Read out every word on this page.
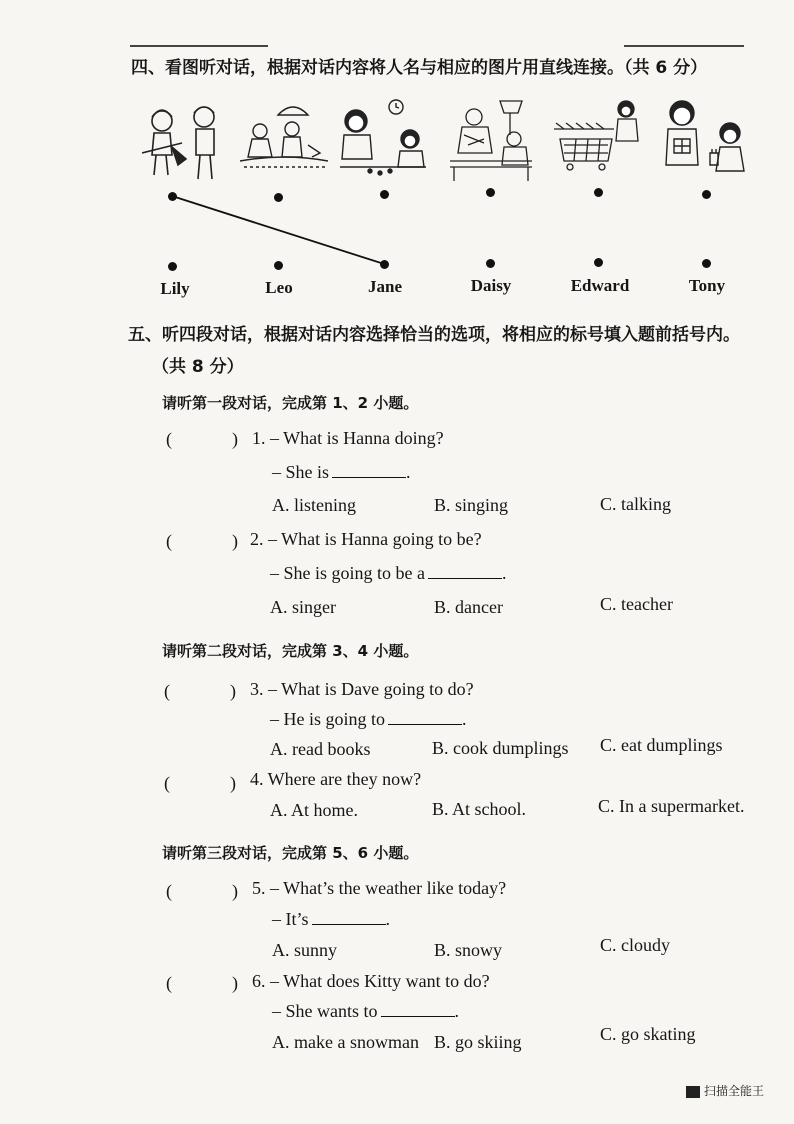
四、看图听对话，根据对话内容将人名与相应的图片用直线连接。（共 6 分）
Lily	Leo	Jane	Daisy	Edward	Tony
五、听四段对话，根据对话内容选择恰当的选项，将相应的标号填入题前括号内。
（共 8 分）
请听第一段对话，完成第 1、2 小题。
(	) 1. – What is Hanna doing?
– She is	.
A. listening	B. singing	C. talking
(	) 2. – What is Hanna going to be?
– She is going to be a	.
A. singer	B. dancer	C. teacher
请听第二段对话，完成第 3、4 小题。
(	) 3. – What is Dave going to do?
– He is going to	.
A. read books	B. cook dumplings C. eat dumplings
(	) 4. Where are they now?
A. At home.	B. At school.	C. In a supermarket.
请听第三段对话，完成第 5、6 小题。
(	) 5. – What’s the weather like today?
– It’s	.
A. sunny	B. snowy	C. cloudy
(	) 6. – What does Kitty want to do?
– She wants to	.
A. make a snowman B. go skiing	C. go skating
扫描全能王
